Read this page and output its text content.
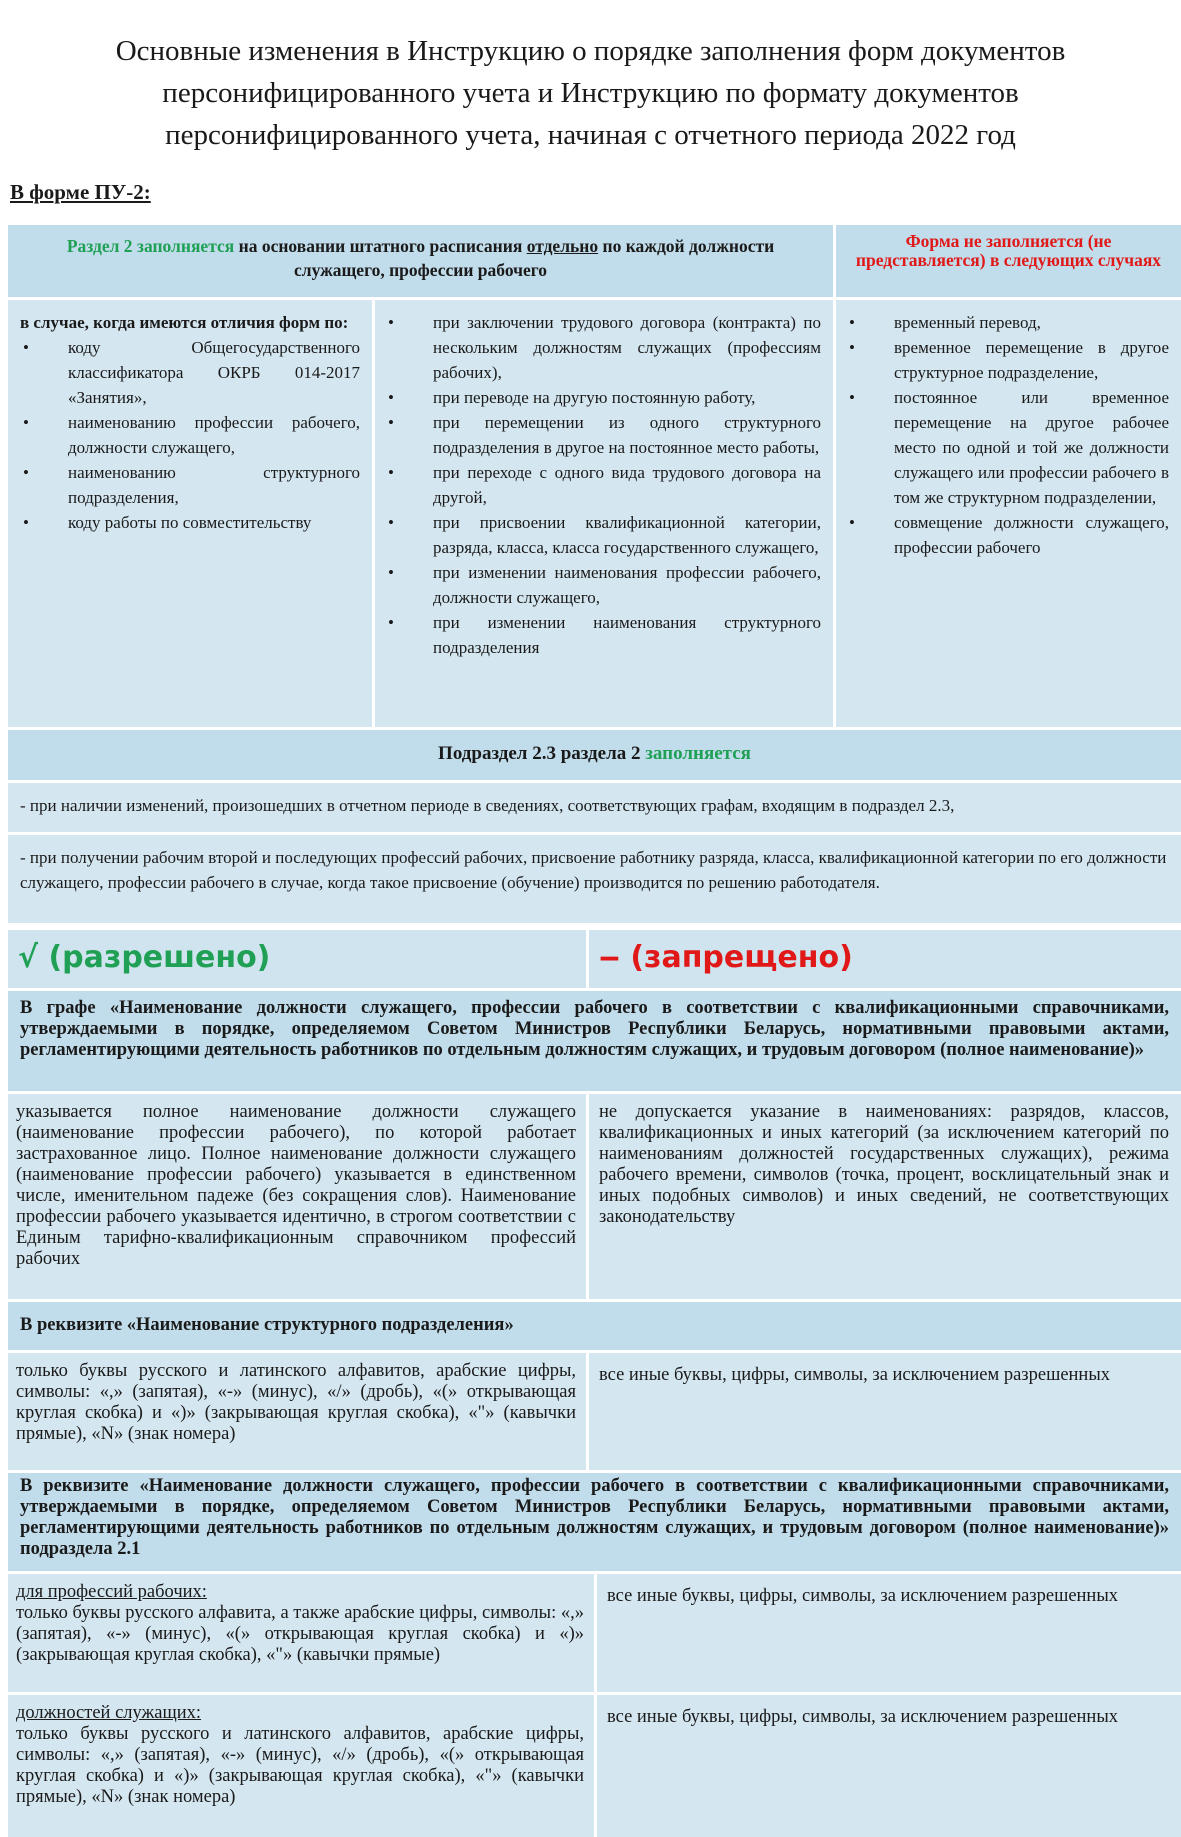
Основные изменения в Инструкцию о порядке заполнения форм документов
персонифицированного учета и Инструкцию по формату документов
персонифицированного учета, начиная с отчетного периода 2022 год
В форме ПУ-2:
Раздел 2 заполняется на основании штатного расписания отдельно по каждой должности служащего, профессии рабочего
Форма не заполняется (не представляется) в следующих случаях
в случае, когда имеются отличия форм по:
• коду Общегосударственного классификатора ОКРБ 014-2017 «Занятия»,
• наименованию профессии рабочего, должности служащего,
• наименованию структурного подразделения,
• коду работы по совместительству
• при заключении трудового договора (контракта) по нескольким должностям служащих (профессиям рабочих),
• при переводе на другую постоянную работу,
• при перемещении из одного структурного подразделения в другое на постоянное место работы,
• при переходе с одного вида трудового договора на другой,
• при присвоении квалификационной категории, разряда, класса, класса государственного служащего,
• при изменении наименования профессии рабочего, должности служащего,
• при изменении наименования структурного подразделения
• временный перевод,
• временное перемещение в другое структурное подразделение,
• постоянное или временное перемещение на другое рабочее место по одной и той же должности служащего или профессии рабочего в том же структурном подразделении,
• совмещение должности служащего, профессии рабочего
Подраздел 2.3 раздела 2 заполняется
- при наличии изменений, произошедших в отчетном периоде в сведениях, соответствующих графам, входящим в подраздел 2.3,
- при получении рабочим второй и последующих профессий рабочих, присвоение работнику разряда, класса, квалификационной категории по его должности служащего, профессии рабочего в случае, когда такое присвоение (обучение) производится по решению работодателя.
√ (разрешено)	‒ (запрещено)
В графе «Наименование должности служащего, профессии рабочего в соответствии с квалификационными справочниками, утверждаемыми в порядке, определяемом Советом Министров Республики Беларусь, нормативными правовыми актами, регламентирующими деятельность работников по отдельным должностям служащих, и трудовым договором (полное наименование)»
указывается полное наименование должности служащего (наименование профессии рабочего), по которой работает застрахованное лицо. Полное наименование должности служащего (наименование профессии рабочего) указывается в единственном числе, именительном падеже (без сокращения слов). Наименование профессии рабочего указывается идентично, в строгом соответствии с Единым тарифно-квалификационным справочником профессий рабочих
не допускается указание в наименованиях: разрядов, классов, квалификационных и иных категорий (за исключением категорий по наименованиям должностей государственных служащих), режима рабочего времени, символов (точка, процент, восклицательный знак и иных подобных символов) и иных сведений, не соответствующих законодательству
В реквизите «Наименование структурного подразделения»
только буквы русского и латинского алфавитов, арабские цифры, символы: «,» (запятая), «-» (минус), «/» (дробь), «(» открывающая круглая скобка) и «)» (закрывающая круглая скобка), «"» (кавычки прямые), «N» (знак номера)
все иные буквы, цифры, символы, за исключением разрешенных
В реквизите «Наименование должности служащего, профессии рабочего в соответствии с квалификационными справочниками, утверждаемыми в порядке, определяемом Советом Министров Республики Беларусь, нормативными правовыми актами, регламентирующими деятельность работников по отдельным должностям служащих, и трудовым договором (полное наименование)» подраздела 2.1
для профессий рабочих:
только буквы русского алфавита, а также арабские цифры, символы: «,» (запятая), «-» (минус), «(» открывающая круглая скобка) и «)» (закрывающая круглая скобка), «"» (кавычки прямые)
все иные буквы, цифры, символы, за исключением разрешенных
должностей служащих:
только буквы русского и латинского алфавитов, арабские цифры, символы: «,» (запятая), «-» (минус), «/» (дробь), «(» открывающая круглая скобка) и «)» (закрывающая круглая скобка), «"» (кавычки прямые), «N» (знак номера)
все иные буквы, цифры, символы, за исключением разрешенных
